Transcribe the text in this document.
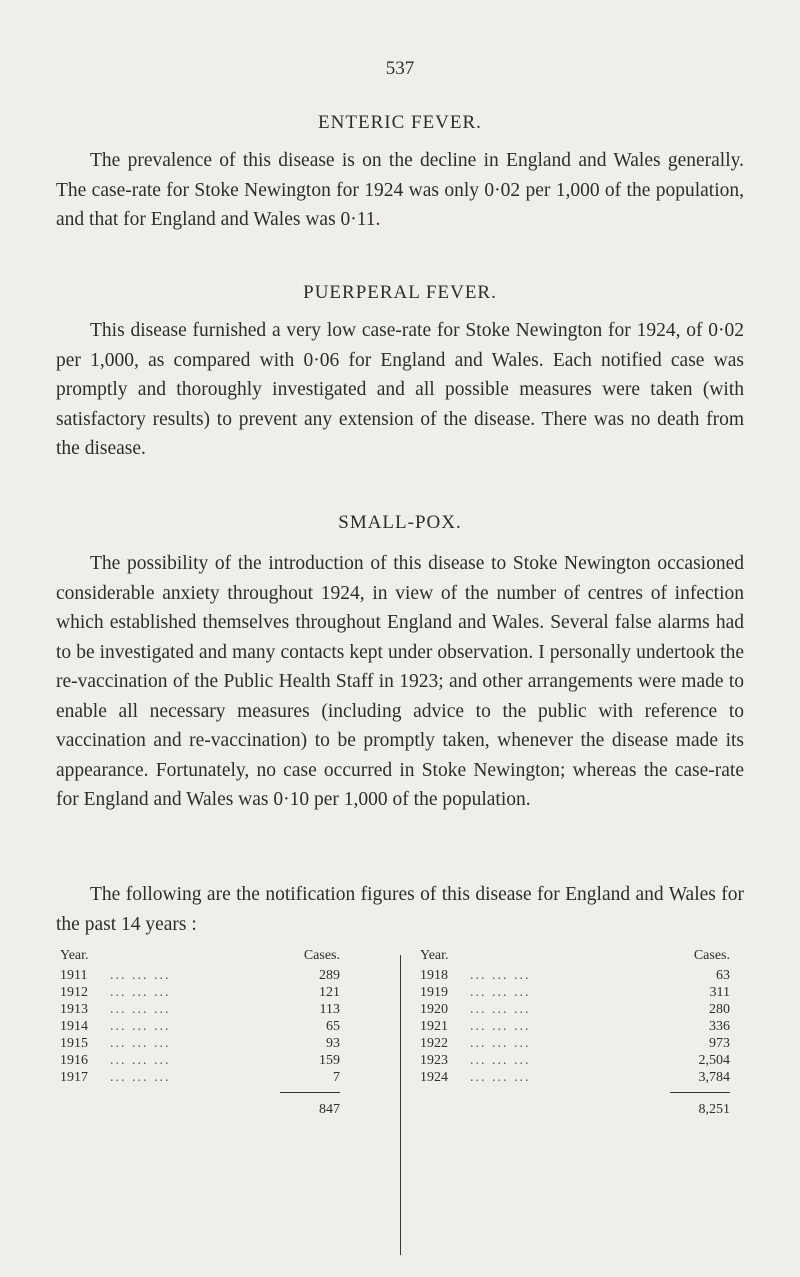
537
ENTERIC FEVER.

The prevalence of this disease is on the decline in England and Wales generally. The case-rate for Stoke Newington for 1924 was only 0·02 per 1,000 of the population, and that for England and Wales was 0·11.

PUERPERAL FEVER.

This disease furnished a very low case-rate for Stoke Newington for 1924, of 0·02 per 1,000, as compared with 0·06 for England and Wales. Each notified case was promptly and thoroughly investigated and all possible measures were taken (with satisfactory results) to prevent any extension of the disease. There was no death from the disease.

SMALL-POX.

The possibility of the introduction of this disease to Stoke Newington occasioned considerable anxiety throughout 1924, in view of the number of centres of infection which established themselves throughout England and Wales. Several false alarms had to be investigated and many contacts kept under observation. I personally undertook the re-vaccination of the Public Health Staff in 1923; and other arrangements were made to enable all necessary measures (including advice to the public with reference to vaccination and re-vaccination) to be promptly taken, whenever the disease made its appearance. Fortunately, no case occurred in Stoke Newington; whereas the case-rate for England and Wales was 0·10 per 1,000 of the population.

The following are the notification figures of this disease for England and Wales for the past 14 years :

Year.	Cases.
1911	... ... ...	289
1912	... ... ...	121
1913	... ... ...	113
1914	... ... ...	65
1915	... ... ...	93
1916	... ... ...	159
1917	... ... ...	7
847
Year.	Cases.
1918	... ... ...	63
1919	... ... ...	311
1920	... ... ...	280
1921	... ... ...	336
1922	... ... ...	973
1923	... ... ...	2,504
1924	... ... ...	3,784
8,251
